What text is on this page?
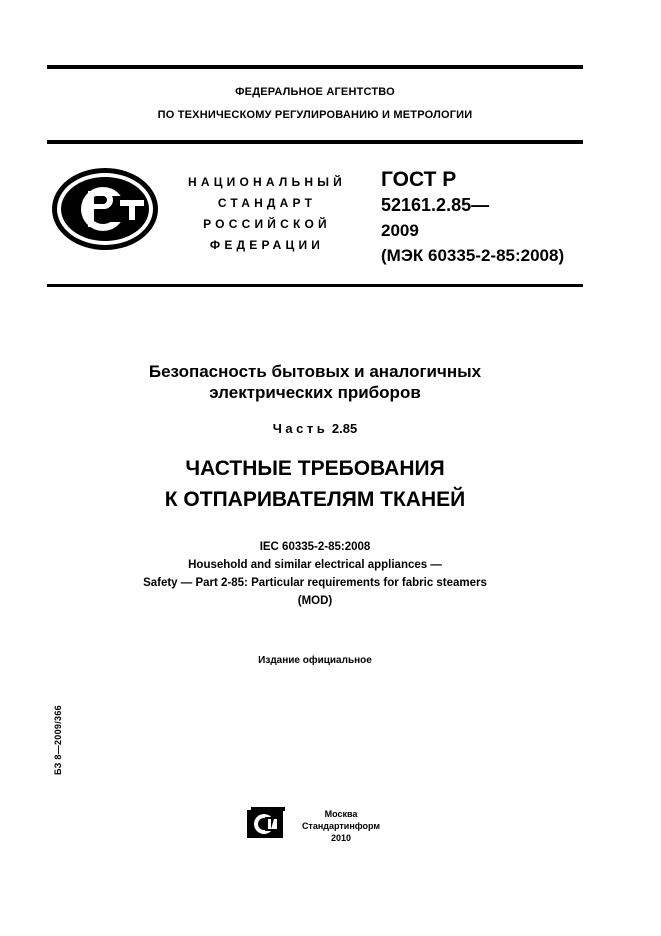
ФЕДЕРАЛЬНОЕ АГЕНТСТВО
ПО ТЕХНИЧЕСКОМУ РЕГУЛИРОВАНИЮ И МЕТРОЛОГИИ
НАЦИОНАЛЬНЫЙ
СТАНДАРТ
РОССИЙСКОЙ
ФЕДЕРАЦИИ
ГОСТ Р
52161.2.85—
2009
(МЭК 60335-2-85:2008)
Безопасность бытовых и аналогичных
электрических приборов
Часть 2.85
ЧАСТНЫЕ ТРЕБОВАНИЯ
К ОТПАРИВАТЕЛЯМ ТКАНЕЙ
IEC 60335-2-85:2008
Household and similar electrical appliances —
Safety — Part 2-85: Particular requirements for fabric steamers
(MOD)
Издание официальное
БЗ 8—2009/366
Москва
Стандартинформ
2010
